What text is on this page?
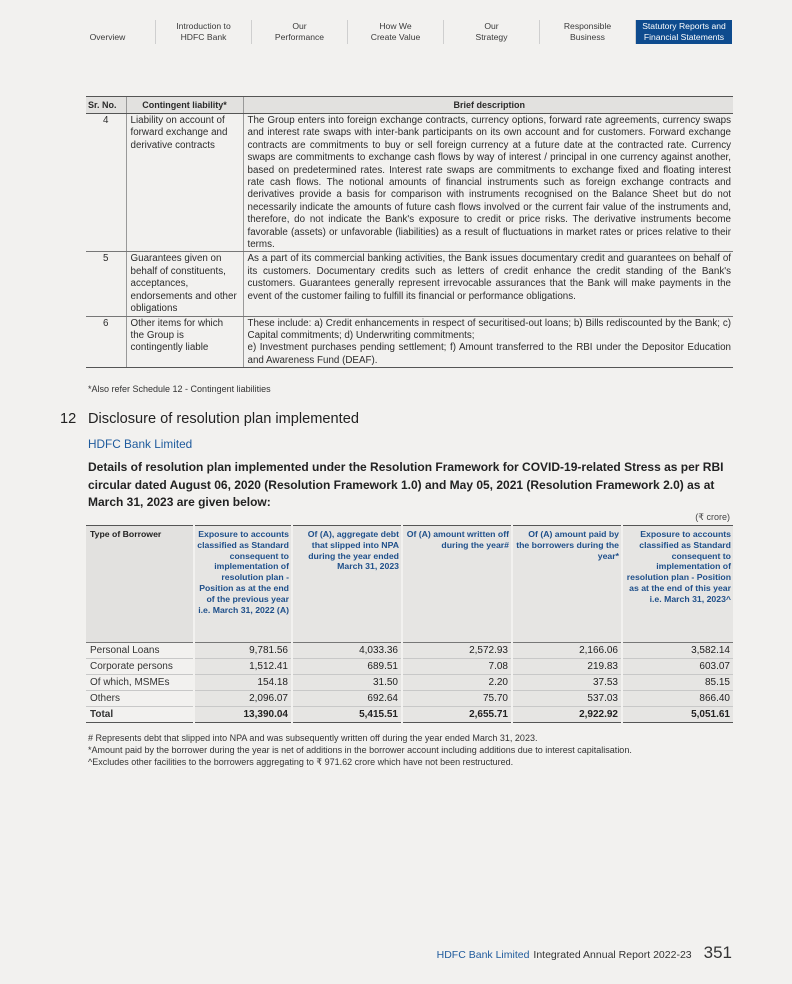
Overview
Introduction to
HDFC Bank
Our
Performance
How We
Create Value
Our
Strategy
Responsible
Business
Statutory Reports and
Financial Statements
Sr. No.	Contingent liability*	Brief description
4	Liability on account of forward exchange and derivative contracts	The Group enters into foreign exchange contracts, currency options, forward rate agreements, currency swaps and interest rate swaps with inter-bank participants on its own account and for customers. Forward exchange contracts are commitments to buy or sell foreign currency at a future date at the contracted rate. Currency swaps are commitments to exchange cash flows by way of interest / principal in one currency against another, based on predetermined rates. Interest rate swaps are commitments to exchange fixed and floating interest rate cash flows. The notional amounts of financial instruments such as foreign exchange contracts and derivatives provide a basis for comparison with instruments recognised on the Balance Sheet but do not necessarily indicate the amounts of future cash flows involved or the current fair value of the instruments and, therefore, do not indicate the Bank's exposure to credit or price risks. The derivative instruments become favorable (assets) or unfavorable (liabilities) as a result of fluctuations in market rates or prices relative to their terms.
5	Guarantees given on behalf of constituents, acceptances, endorsements and other obligations	As a part of its commercial banking activities, the Bank issues documentary credit and guarantees on behalf of its customers. Documentary credits such as letters of credit enhance the credit standing of the Bank's customers. Guarantees generally represent irrevocable assurances that the Bank will make payments in the event of the customer failing to fulfill its financial or performance obligations.
6	Other items for which the Group is contingently liable	These include: a) Credit enhancements in respect of securitised-out loans; b) Bills rediscounted by the Bank; c) Capital commitments; d) Underwriting commitments;
e) Investment purchases pending settlement; f) Amount transferred to the RBI under the Depositor Education and Awareness Fund (DEAF).
*Also refer Schedule 12 - Contingent liabilities
12 Disclosure of resolution plan implemented
HDFC Bank Limited
Details of resolution plan implemented under the Resolution Framework for COVID-19-related Stress as per RBI circular dated August 06, 2020 (Resolution Framework 1.0) and May 05, 2021 (Resolution Framework 2.0) as at March 31, 2023 are given below:
(₹ crore)
Type of Borrower	Exposure to accounts classified as Standard consequent to implementation of resolution plan - Position as at the end of the previous year i.e. March 31, 2022 (A)	Of (A), aggregate debt that slipped into NPA during the year ended March 31, 2023	Of (A) amount written off during the year#	Of (A) amount paid by the borrowers during the year*	Exposure to accounts classified as Standard consequent to implementation of resolution plan - Position as at the end of this year i.e. March 31, 2023^
Personal Loans	9,781.56	4,033.36	2,572.93	2,166.06	3,582.14
Corporate persons	1,512.41	689.51	7.08	219.83	603.07
Of which, MSMEs	154.18	31.50	2.20	37.53	85.15
Others	2,096.07	692.64	75.70	537.03	866.40
Total	13,390.04	5,415.51	2,655.71	2,922.92	5,051.61
# Represents debt that slipped into NPA and was subsequently written off during the year ended March 31, 2023.
*Amount paid by the borrower during the year is net of additions in the borrower account including additions due to interest capitalisation.
^Excludes other facilities to the borrowers aggregating to ₹ 971.62 crore which have not been restructured.
HDFC Bank Limited Integrated Annual Report 2022-23 351
